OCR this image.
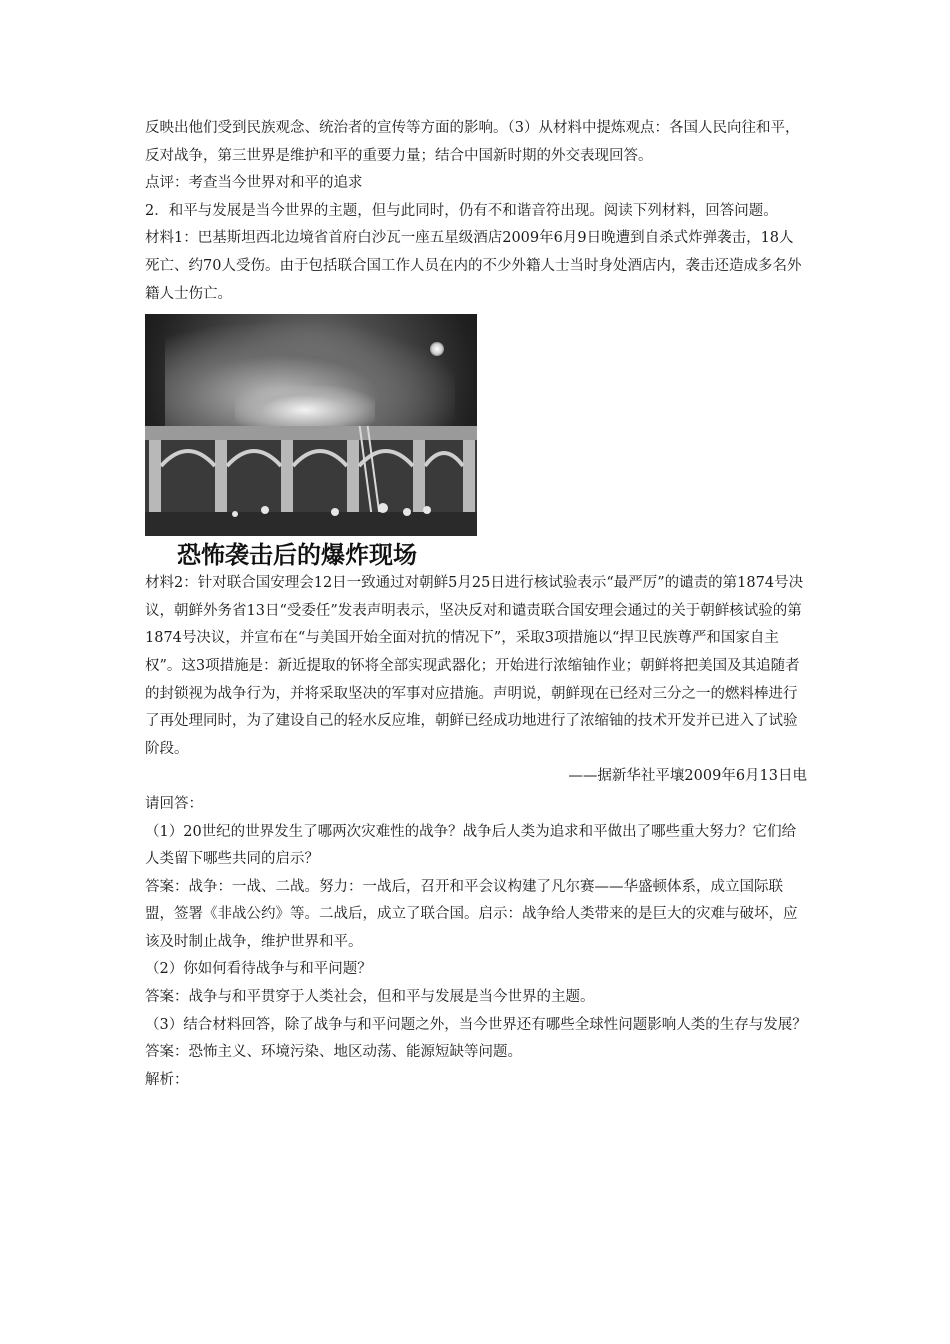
反映出他们受到民族观念、统治者的宣传等方面的影响。（3）从材料中提炼观点：各国人民向往和平，反对战争，第三世界是维护和平的重要力量；结合中国新时期的外交表现回答。

点评：考查当今世界对和平的追求

2．和平与发展是当今世界的主题，但与此同时，仍有不和谐音符出现。阅读下列材料，回答问题。

材料1：巴基斯坦西北边境省首府白沙瓦一座五星级酒店2009年6月9日晚遭到自杀式炸弹袭击，18人死亡、约70人受伤。由于包括联合国工作人员在内的不少外籍人士当时身处酒店内，袭击还造成多名外籍人士伤亡。

恐怖袭击后的爆炸现场

材料2：针对联合国安理会12日一致通过对朝鲜5月25日进行核试验表示“最严厉”的谴责的第1874号决议，朝鲜外务省13日“受委任”发表声明表示，坚决反对和谴责联合国安理会通过的关于朝鲜核试验的第1874号决议，并宣布在“与美国开始全面对抗的情况下”，采取3项措施以“捍卫民族尊严和国家自主权”。这3项措施是：新近提取的钚将全部实现武器化；开始进行浓缩铀作业；朝鲜将把美国及其追随者的封锁视为战争行为，并将采取坚决的军事对应措施。声明说，朝鲜现在已经对三分之一的燃料棒进行了再处理同时，为了建设自己的轻水反应堆，朝鲜已经成功地进行了浓缩铀的技术开发并已进入了试验阶段。

——据新华社平壤2009年6月13日电

请回答：

（1）20世纪的世界发生了哪两次灾难性的战争？战争后人类为追求和平做出了哪些重大努力？它们给人类留下哪些共同的启示？

答案：战争：一战、二战。努力：一战后，召开和平会议构建了凡尔赛——华盛顿体系，成立国际联盟，签署《非战公约》等。二战后，成立了联合国。启示：战争给人类带来的是巨大的灾难与破坏，应该及时制止战争，维护世界和平。

（2）你如何看待战争与和平问题？

答案：战争与和平贯穿于人类社会，但和平与发展是当今世界的主题。

（3）结合材料回答，除了战争与和平问题之外，当今世界还有哪些全球性问题影响人类的生存与发展？

答案：恐怖主义、环境污染、地区动荡、能源短缺等问题。

解析：
